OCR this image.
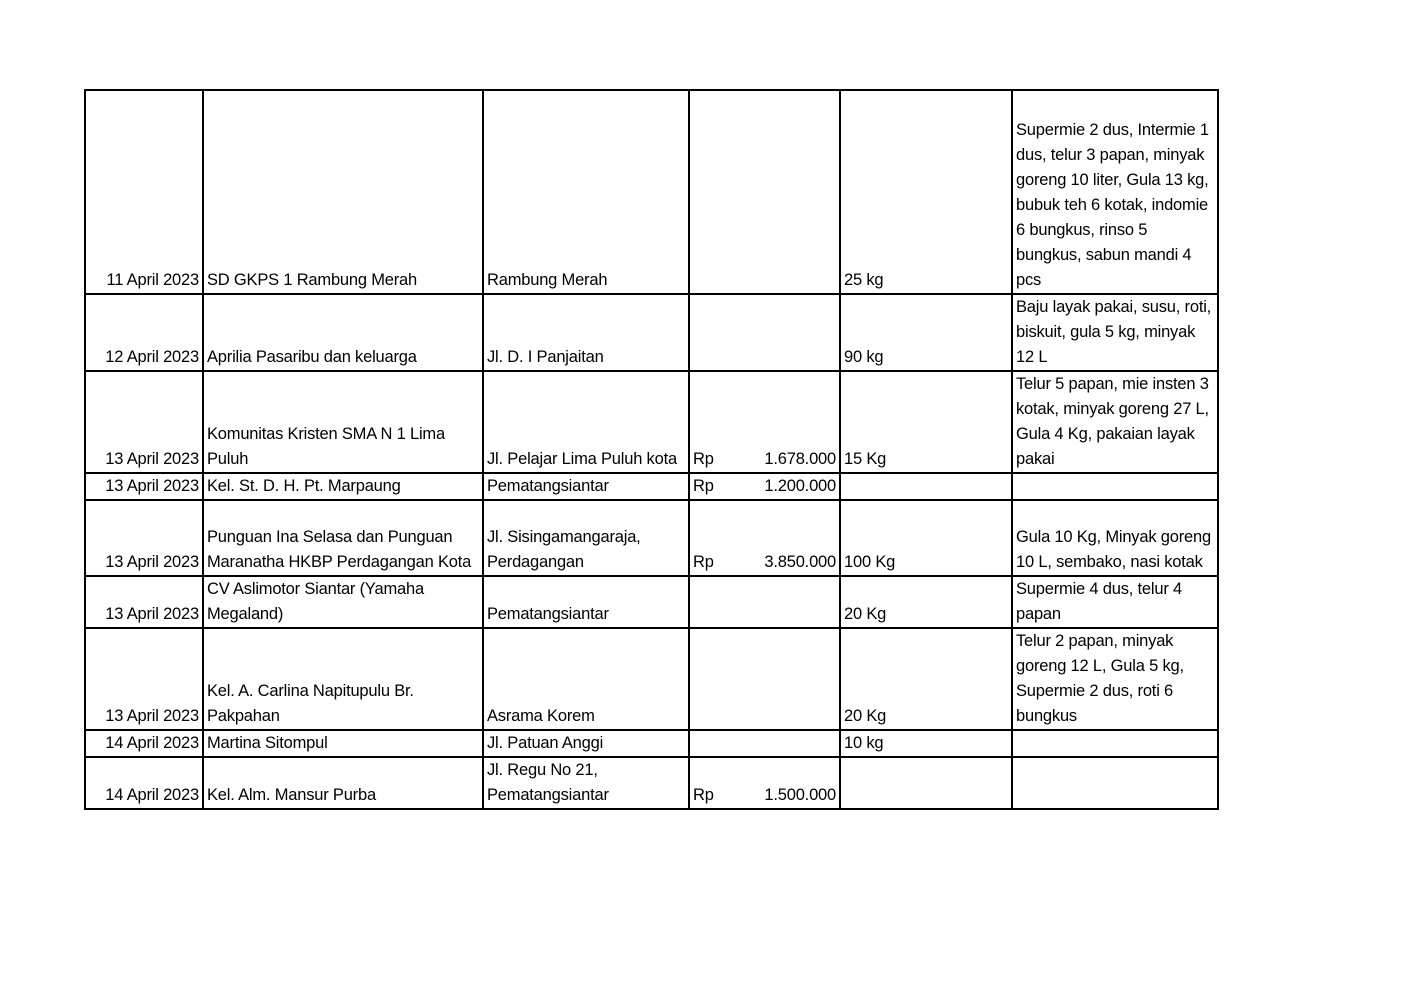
11 April 2023	SD GKPS 1 Rambung Merah	Rambung Merah		25 kg	Supermie 2 dus, Intermie 1 dus, telur 3 papan, minyak goreng 10 liter, Gula 13 kg, bubuk teh 6 kotak, indomie 6 bungkus, rinso 5 bungkus, sabun mandi 4 pcs
12 April 2023	Aprilia Pasaribu dan keluarga	Jl. D. I Panjaitan		90 kg	Baju layak pakai, susu, roti, biskuit, gula 5 kg, minyak 12 L
13 April 2023	Komunitas Kristen SMA N 1 Lima Puluh	Jl. Pelajar Lima Puluh kota	Rp 1.678.000	15 Kg	Telur 5 papan, mie insten 3 kotak, minyak goreng 27 L, Gula 4 Kg, pakaian layak pakai
13 April 2023	Kel. St. D. H. Pt. Marpaung	Pematangsiantar	Rp 1.200.000		

13 April 2023	Punguan Ina Selasa dan Punguan Maranatha HKBP Perdagangan Kota	Jl. Sisingamangaraja, Perdagangan	Rp 3.850.000	100 Kg	Gula 10 Kg, Minyak goreng 10 L, sembako, nasi kotak
13 April 2023	CV Aslimotor Siantar (Yamaha Megaland)	Pematangsiantar		20 Kg	Supermie 4 dus, telur 4 papan
13 April 2023	Kel. A. Carlina Napitupulu Br. Pakpahan	Asrama Korem		20 Kg	Telur 2 papan, minyak goreng 12 L, Gula 5 kg, Supermie 2 dus, roti 6 bungkus
14 April 2023	Martina Sitompul	Jl. Patuan Anggi		10 kg	
14 April 2023	Kel. Alm. Mansur Purba	Jl. Regu No 21, Pematangsiantar	Rp 1.500.000		
